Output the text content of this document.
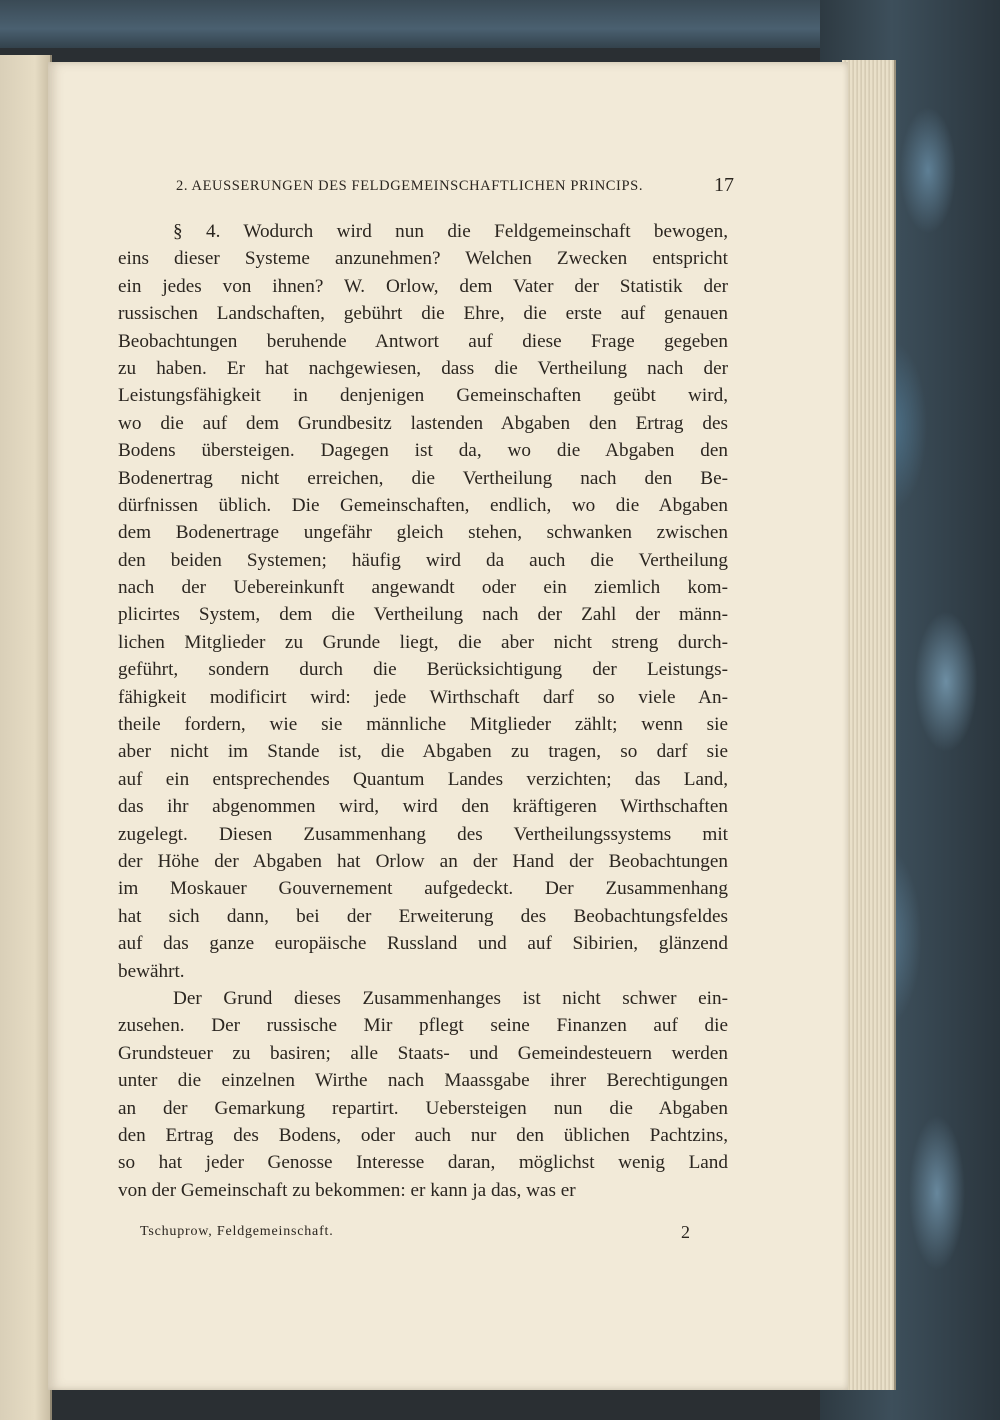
2. AEUSSERUNGEN DES FELDGEMEINSCHAFTLICHEN PRINCIPS.	17
§ 4. Wodurch wird nun die Feldgemeinschaft bewogen,
eins dieser Systeme anzunehmen? Welchen Zwecken entspricht
ein jedes von ihnen? W. Orlow, dem Vater der Statistik der
russischen Landschaften, gebührt die Ehre, die erste auf genauen
Beobachtungen beruhende Antwort auf diese Frage gegeben
zu haben. Er hat nachgewiesen, dass die Vertheilung nach der
Leistungsfähigkeit in denjenigen Gemeinschaften geübt wird,
wo die auf dem Grundbesitz lastenden Abgaben den Ertrag des
Bodens übersteigen. Dagegen ist da, wo die Abgaben den
Bodenertrag nicht erreichen, die Vertheilung nach den Be-
dürfnissen üblich. Die Gemeinschaften, endlich, wo die Abgaben
dem Bodenertrage ungefähr gleich stehen, schwanken zwischen
den beiden Systemen; häufig wird da auch die Vertheilung
nach der Uebereinkunft angewandt oder ein ziemlich kom-
plicirtes System, dem die Vertheilung nach der Zahl der männ-
lichen Mitglieder zu Grunde liegt, die aber nicht streng durch-
geführt, sondern durch die Berücksichtigung der Leistungs-
fähigkeit modificirt wird: jede Wirthschaft darf so viele An-
theile fordern, wie sie männliche Mitglieder zählt; wenn sie
aber nicht im Stande ist, die Abgaben zu tragen, so darf sie
auf ein entsprechendes Quantum Landes verzichten; das Land,
das ihr abgenommen wird, wird den kräftigeren Wirthschaften
zugelegt. Diesen Zusammenhang des Vertheilungssystems mit
der Höhe der Abgaben hat Orlow an der Hand der Beobachtungen
im Moskauer Gouvernement aufgedeckt. Der Zusammenhang
hat sich dann, bei der Erweiterung des Beobachtungsfeldes
auf das ganze europäische Russland und auf Sibirien, glänzend
bewährt.
Der Grund dieses Zusammenhanges ist nicht schwer ein-
zusehen. Der russische Mir pflegt seine Finanzen auf die
Grundsteuer zu basiren; alle Staats- und Gemeindesteuern werden
unter die einzelnen Wirthe nach Maassgabe ihrer Berechtigungen
an der Gemarkung repartirt. Uebersteigen nun die Abgaben
den Ertrag des Bodens, oder auch nur den üblichen Pachtzins,
so hat jeder Genosse Interesse daran, möglichst wenig Land
von der Gemeinschaft zu bekommen: er kann ja das, was er
Tschuprow, Feldgemeinschaft.	2
